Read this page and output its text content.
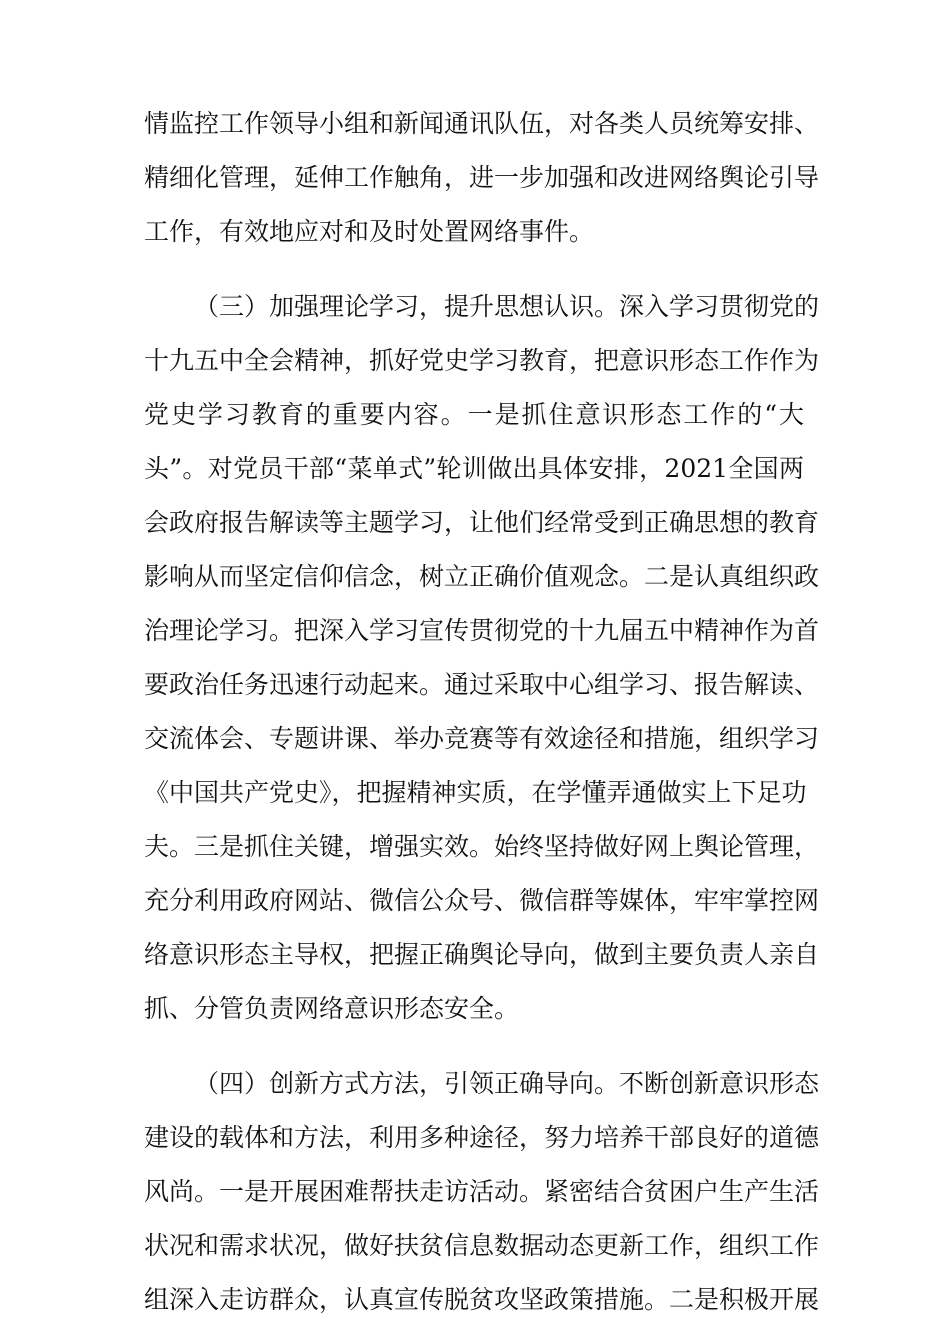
情监控工作领导小组和新闻通讯队伍，对各类人员统筹安排、
精细化管理，延伸工作触角，进一步加强和改进网络舆论引导
工作，有效地应对和及时处置网络事件。
（三）加强理论学习，提升思想认识。深入学习贯彻党的
十九五中全会精神，抓好党史学习教育，把意识形态工作作为
党史学习教育的重要内容。一是抓住意识形态工作的“大
头”。对党员干部“菜单式”轮训做出具体安排，2021全国两
会政府报告解读等主题学习，让他们经常受到正确思想的教育
影响从而坚定信仰信念，树立正确价值观念。二是认真组织政
治理论学习。把深入学习宣传贯彻党的十九届五中精神作为首
要政治任务迅速行动起来。通过采取中心组学习、报告解读、
交流体会、专题讲课、举办竞赛等有效途径和措施，组织学习
《中国共产党史》，把握精神实质，在学懂弄通做实上下足功
夫。三是抓住关键，增强实效。始终坚持做好网上舆论管理，
充分利用政府网站、微信公众号、微信群等媒体，牢牢掌控网
络意识形态主导权，把握正确舆论导向，做到主要负责人亲自
抓、分管负责网络意识形态安全。
（四）创新方式方法，引领正确导向。不断创新意识形态
建设的载体和方法，利用多种途径，努力培养干部良好的道德
风尚。一是开展困难帮扶走访活动。紧密结合贫困户生产生活
状况和需求状况，做好扶贫信息数据动态更新工作，组织工作
组深入走访群众，认真宣传脱贫攻坚政策措施。二是积极开展
